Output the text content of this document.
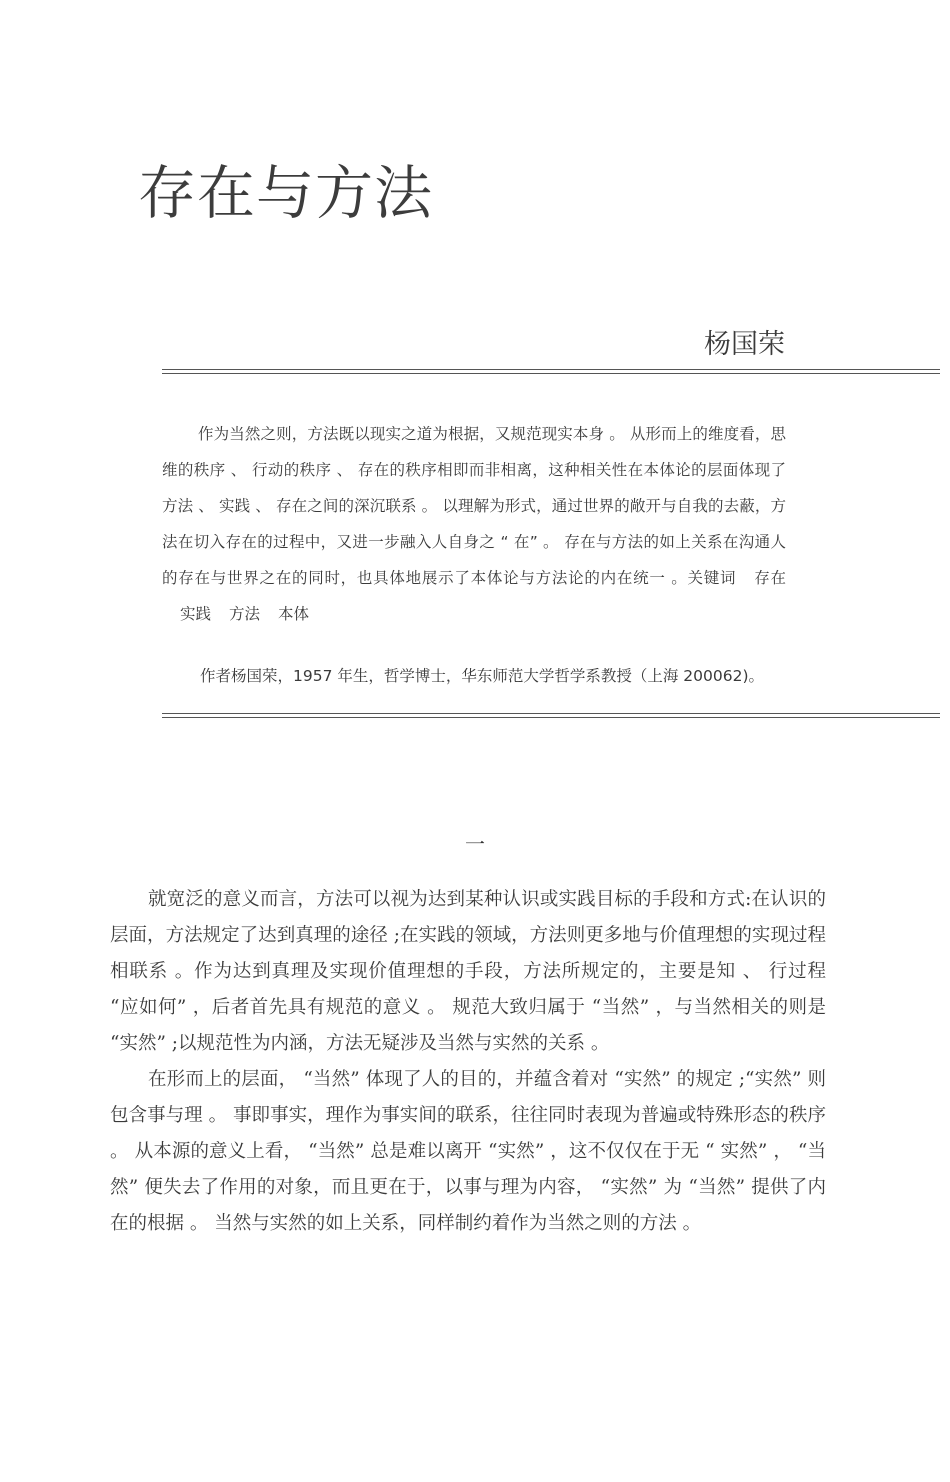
存在与方法
杨国荣

作为当然之则，方法既以现实之道为根据，又规范现实本身 。 从形而上的维度看，思维的秩序 、 行动的秩序 、 存在的秩序相即而非相离，这种相关性在本体论的层面体现了方法 、 实践 、 存在之间的深沉联系 。 以理解为形式，通过世界的敞开与自我的去蔽，方法在切入存在的过程中，又进一步融入人自身之 “ 在” 。 存在与方法的如上关系在沟通人的存在与世界之在的同时，也具体地展示了本体论与方法论的内在统一 。关键词 存在实践 方法 本体

作者杨国荣，1957 年生，哲学博士，华东师范大学哲学系教授（上海 200062)。

一

就宽泛的意义而言，方法可以视为达到某种认识或实践目标的手段和方式:在认识的层面，方法规定了达到真理的途径 ;在实践的领域，方法则更多地与价值理想的实现过程相联系 。作为达到真理及实现价值理想的手段，方法所规定的，主要是知 、 行过程 “应如何” ，后者首先具有规范的意义 。 规范大致归属于 “当然” ，与当然相关的则是 “实然” ;以规范性为内涵，方法无疑涉及当然与实然的关系 。

在形而上的层面， “当然” 体现了人的目的，并蕴含着对 “实然” 的规定 ;“实然” 则包含事与理 。 事即事实，理作为事实间的联系，往往同时表现为普遍或特殊形态的秩序 。 从本源的意义上看， “当然” 总是难以离开 “实然” ，这不仅仅在于无 “ 实然” ， “当然” 便失去了作用的对象，而且更在于，以事与理为内容， “实然” 为 “当然” 提供了内在的根据 。 当然与实然的如上关系，同样制约着作为当然之则的方法 。
